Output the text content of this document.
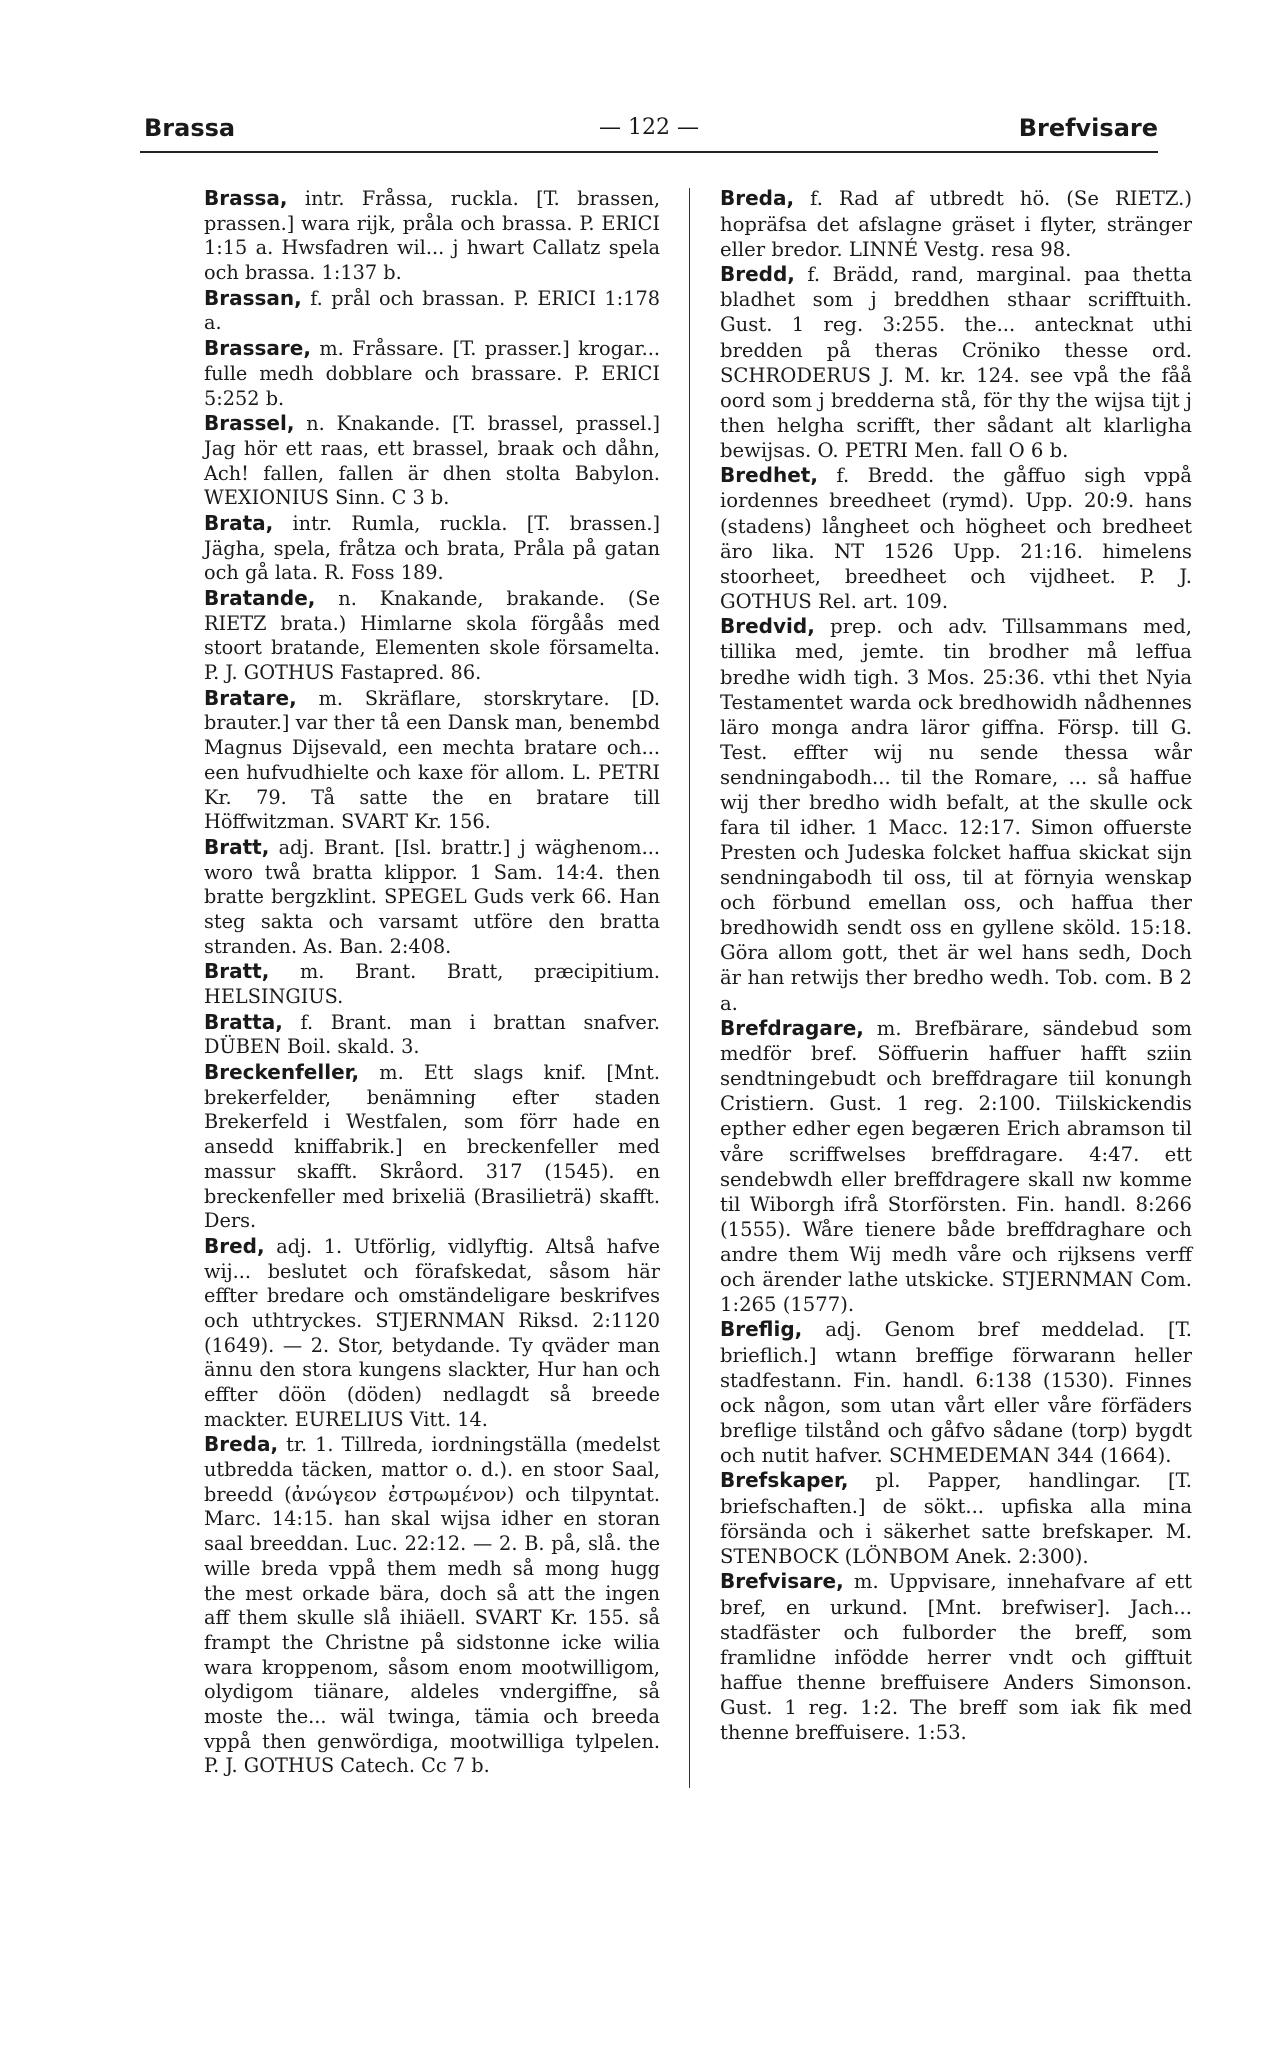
Brassa	— 122 —	Brefvisare

Brassa, intr. Fråssa, ruckla. [T. brassen, prassen.] wara rijk, pråla och brassa. P. ERICI 1:15 a. Hwsfadren wil... j hwart Callatz spela och brassa. 1:137 b.

Brassan, f. prål och brassan. P. ERICI 1:178 a.

Brassare, m. Fråssare. [T. prasser.] krogar... fulle medh dobblare och brassare. P. ERICI 5:252 b.

Brassel, n. Knakande. [T. brassel, prassel.] Jag hör ett raas, ett brassel, braak och dåhn, Ach! fallen, fallen är dhen stolta Babylon. WEXIONIUS Sinn. C 3 b.

Brata, intr. Rumla, ruckla. [T. brassen.] Jägha, spela, fråtza och brata, Pråla på gatan och gå lata. R. Foss 189.

Bratande, n. Knakande, brakande. (Se RIETZ brata.) Himlarne skola förgåås med stoort bratande, Elementen skole församelta. P. J. GOTHUS Fastapred. 86.

Bratare, m. Skräflare, storskrytare. [D. brauter.] var ther tå een Dansk man, benembd Magnus Dijsevald, een mechta bratare och... een hufvudhielte och kaxe för allom. L. PETRI Kr. 79. Tå satte the en bratare till Höffwitzman. SVART Kr. 156.

Bratt, adj. Brant. [Isl. brattr.] j wäghenom... woro twå bratta klippor. 1 Sam. 14:4. then bratte bergzklint. SPEGEL Guds verk 66. Han steg sakta och varsamt utföre den bratta stranden. As. Ban. 2:408.

Bratt, m. Brant. Bratt, præcipitium. HELSINGIUS.

Bratta, f. Brant. man i brattan snafver. DÜBEN Boil. skald. 3.

Breckenfeller, m. Ett slags knif. [Mnt. brekerfelder, benämning efter staden Brekerfeld i Westfalen, som förr hade en ansedd kniffabrik.] en breckenfeller med massur skafft. Skråord. 317 (1545). en breckenfeller med brixeliä (Brasilieträ) skafft. Ders.

Bred, adj. 1. Utförlig, vidlyftig. Altså hafve wij... beslutet och förafskedat, såsom här effter bredare och omständeligare beskrifves och uthtryckes. STJERNMAN Riksd. 2:1120 (1649). — 2. Stor, betydande. Ty qväder man ännu den stora kungens slackter, Hur han och effter döön (döden) nedlagdt så breede mackter. EURELIUS Vitt. 14.

Breda, tr. 1. Tillreda, iordningställa (medelst utbredda täcken, mattor o. d.). en stoor Saal, breedd (ἀνώγεον ἐστρωμένον) och tilpyntat. Marc. 14:15. han skal wijsa idher en storan saal breeddan. Luc. 22:12. — 2. B. på, slå. the wille breda vppå them medh så mong hugg the mest orkade bära, doch så att the ingen aff them skulle slå ihiäell. SVART Kr. 155. så frampt the Christne på sidstonne icke wilia wara kroppenom, såsom enom mootwilligom, olydigom tiänare, aldeles vndergiffne, så moste the... wäl twinga, tämia och breeda vppå then genwördiga, mootwilliga tylpelen. P. J. GOTHUS Catech. Cc 7 b.

Breda, f. Rad af utbredt hö. (Se RIETZ.) hopräfsa det afslagne gräset i flyter, stränger eller bredor. LINNÉ Vestg. resa 98.

Bredd, f. Brädd, rand, marginal. paa thetta bladhet som j breddhen sthaar scrifftuith. Gust. 1 reg. 3:255. the... antecknat uthi bredden på theras Cröniko thesse ord. SCHRODERUS J. M. kr. 124. see vpå the fåå oord som j bredderna stå, för thy the wijsa tijt j then helgha scrifft, ther sådant alt klarligha bewijsas. O. PETRI Men. fall O 6 b.

Bredhet, f. Bredd. the gåffuo sigh vppå iordennes breedheet (rymd). Upp. 20:9. hans (stadens) långheet och högheet och bredheet äro lika. NT 1526 Upp. 21:16. himelens stoorheet, breedheet och vijdheet. P. J. GOTHUS Rel. art. 109.

Bredvid, prep. och adv. Tillsammans med, tillika med, jemte. tin brodher må leffua bredhe widh tigh. 3 Mos. 25:36. vthi thet Nyia Testamentet warda ock bredhowidh nådhennes läro monga andra läror giffna. Försp. till G. Test. effter wij nu sende thessa wår sendningabodh... til the Romare, ... så haffue wij ther bredho widh befalt, at the skulle ock fara til idher. 1 Macc. 12:17. Simon offuerste Presten och Judeska folcket haffua skickat sijn sendningabodh til oss, til at förnyia wenskap och förbund emellan oss, och haffua ther bredhowidh sendt oss en gyllene sköld. 15:18. Göra allom gott, thet är wel hans sedh, Doch är han retwijs ther bredho wedh. Tob. com. B 2 a.

Brefdragare, m. Brefbärare, sändebud som medför bref. Söffuerin haffuer hafft sziin sendtningebudt och breffdragare tiil konungh Cristiern. Gust. 1 reg. 2:100. Tiilskickendis epther edher egen begæren Erich abramson til våre scriffwelses breffdragare. 4:47. ett sendebwdh eller breffdragere skall nw komme til Wiborgh ifrå Storförsten. Fin. handl. 8:266 (1555). Wåre tienere både breffdraghare och andre them Wij medh våre och rijksens verff och ärender lathe utskicke. STJERNMAN Com. 1:265 (1577).

Breflig, adj. Genom bref meddelad. [T. brieflich.] wtann breffige förwarann heller stadfestann. Fin. handl. 6:138 (1530). Finnes ock någon, som utan vårt eller våre förfäders breflige tilstånd och gåfvo sådane (torp) bygdt och nutit hafver. SCHMEDEMAN 344 (1664).

Brefskaper, pl. Papper, handlingar. [T. briefschaften.] de sökt... upfiska alla mina försända och i säkerhet satte brefskaper. M. STENBOCK (LÖNBOM Anek. 2:300).

Brefvisare, m. Uppvisare, innehafvare af ett bref, en urkund. [Mnt. brefwiser]. Jach... stadfäster och fulborder the breff, som framlidne infödde herrer vndt och gifftuit haffue thenne breffuisere Anders Simonson. Gust. 1 reg. 1:2. The breff som iak fik med thenne breffuisere. 1:53.
